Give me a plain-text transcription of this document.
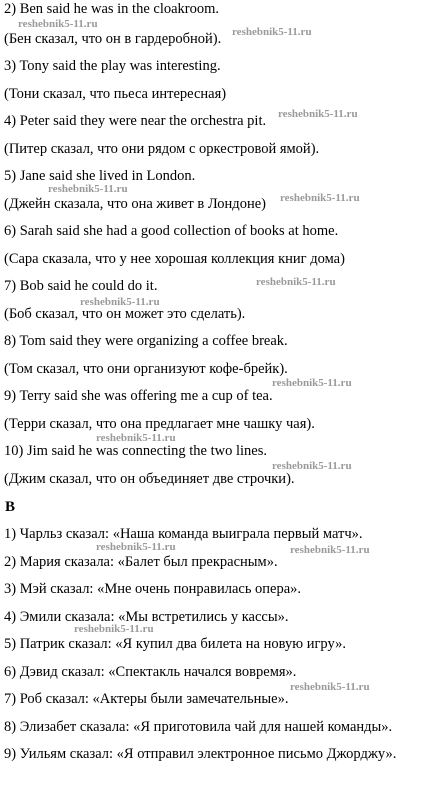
2) Ben said he was in the cloakroom.
(Бен сказал, что он в гардеробной).
3) Tony said the play was interesting.
(Тони сказал, что пьеса интересная)
4) Peter said they were near the orchestra pit.
(Питер сказал, что они рядом с оркестровой ямой).
5) Jane said she lived in London.
(Джейн сказала, что она живет в Лондоне)
6) Sarah said she had a good collection of books at home.
(Сара сказала, что у нее хорошая коллекция книг дома)
7) Bob said he could do it.
(Боб сказал, что он может это сделать).
8) Tom said they were organizing a coffee break.
(Том сказал, что они организуют кофе-брейк).
9) Terry said she was offering me a cup of tea.
(Терри сказал, что она предлагает мне чашку чая).
10) Jim said he was connecting the two lines.
(Джим сказал, что он объединяет две строчки).
B
1) Чарльз сказал: «Наша команда выиграла первый матч».
2) Мария сказала: «Балет был прекрасным».
3) Мэй сказал: «Мне очень понравилась опера».
4) Эмили сказала: «Мы встретились у кассы».
5) Патрик сказал: «Я купил два билета на новую игру».
6) Дэвид сказал: «Спектакль начался вовремя».
7) Роб сказал: «Актеры были замечательные».
8) Элизабет сказала: «Я приготовила чай для нашей команды».
9) Уильям сказал: «Я отправил электронное письмо Джорджу».
reshebnik5-11.ru
reshebnik5-11.ru
reshebnik5-11.ru
reshebnik5-11.ru
reshebnik5-11.ru
reshebnik5-11.ru
reshebnik5-11.ru
reshebnik5-11.ru
reshebnik5-11.ru
reshebnik5-11.ru
reshebnik5-11.ru	reshebnik5-11.ru
reshebnik5-11.ru
reshebnik5-11.ru
